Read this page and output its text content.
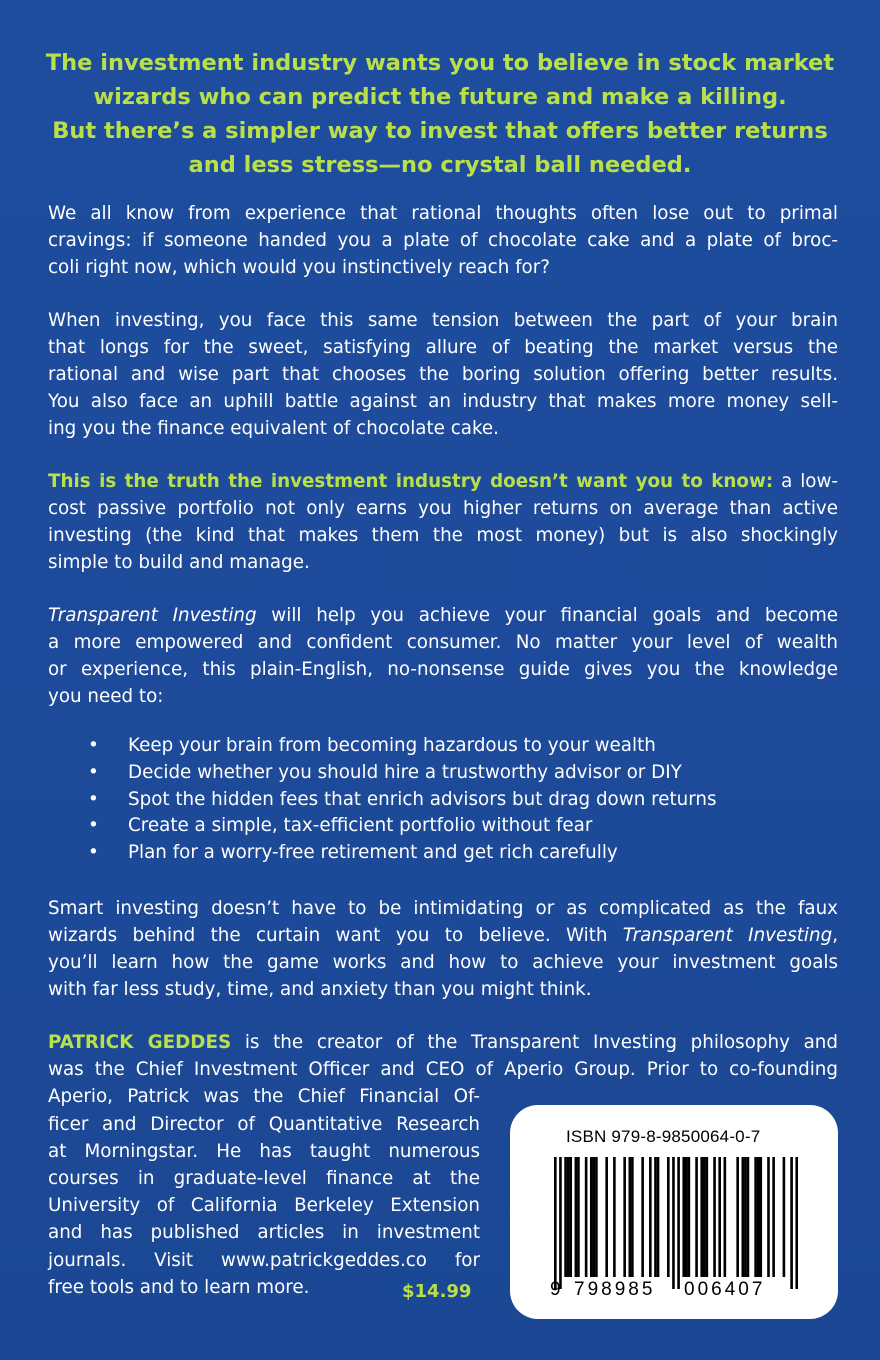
The investment industry wants you to believe in stock market
wizards who can predict the future and make a killing.
But there’s a simpler way to invest that offers better returns
and less stress—no crystal ball needed.

We all know from experience that rational thoughts often lose out to primal
cravings: if someone handed you a plate of chocolate cake and a plate of broc-
coli right now, which would you instinctively reach for?

When investing, you face this same tension between the part of your brain
that longs for the sweet, satisfying allure of beating the market versus the
rational and wise part that chooses the boring solution offering better results.
You also face an uphill battle against an industry that makes more money sell-
ing you the finance equivalent of chocolate cake.

This is the truth the investment industry doesn’t want you to know: a low-
cost passive portfolio not only earns you higher returns on average than active
investing (the kind that makes them the most money) but is also shockingly
simple to build and manage.

Transparent Investing will help you achieve your financial goals and become
a more empowered and confident consumer. No matter your level of wealth
or experience, this plain-English, no-nonsense guide gives you the knowledge
you need to:

• Keep your brain from becoming hazardous to your wealth
• Decide whether you should hire a trustworthy advisor or DIY
• Spot the hidden fees that enrich advisors but drag down returns
• Create a simple, tax-efficient portfolio without fear
• Plan for a worry-free retirement and get rich carefully

Smart investing doesn’t have to be intimidating or as complicated as the faux
wizards behind the curtain want you to believe. With Transparent Investing,
you’ll learn how the game works and how to achieve your investment goals
with far less study, time, and anxiety than you might think.

PATRICK GEDDES is the creator of the Transparent Investing philosophy and
was the Chief Investment Officer and CEO of Aperio Group. Prior to co-founding
Aperio, Patrick was the Chief Financial Of-
ficer and Director of Quantitative Research
at Morningstar. He has taught numerous
courses in graduate-level finance at the
University of California Berkeley Extension
and has published articles in investment
journals. Visit www.patrickgeddes.co for
free tools and to learn more.	$14.99
ISBN 979-8-9850064-0-7
9 798985 006407
